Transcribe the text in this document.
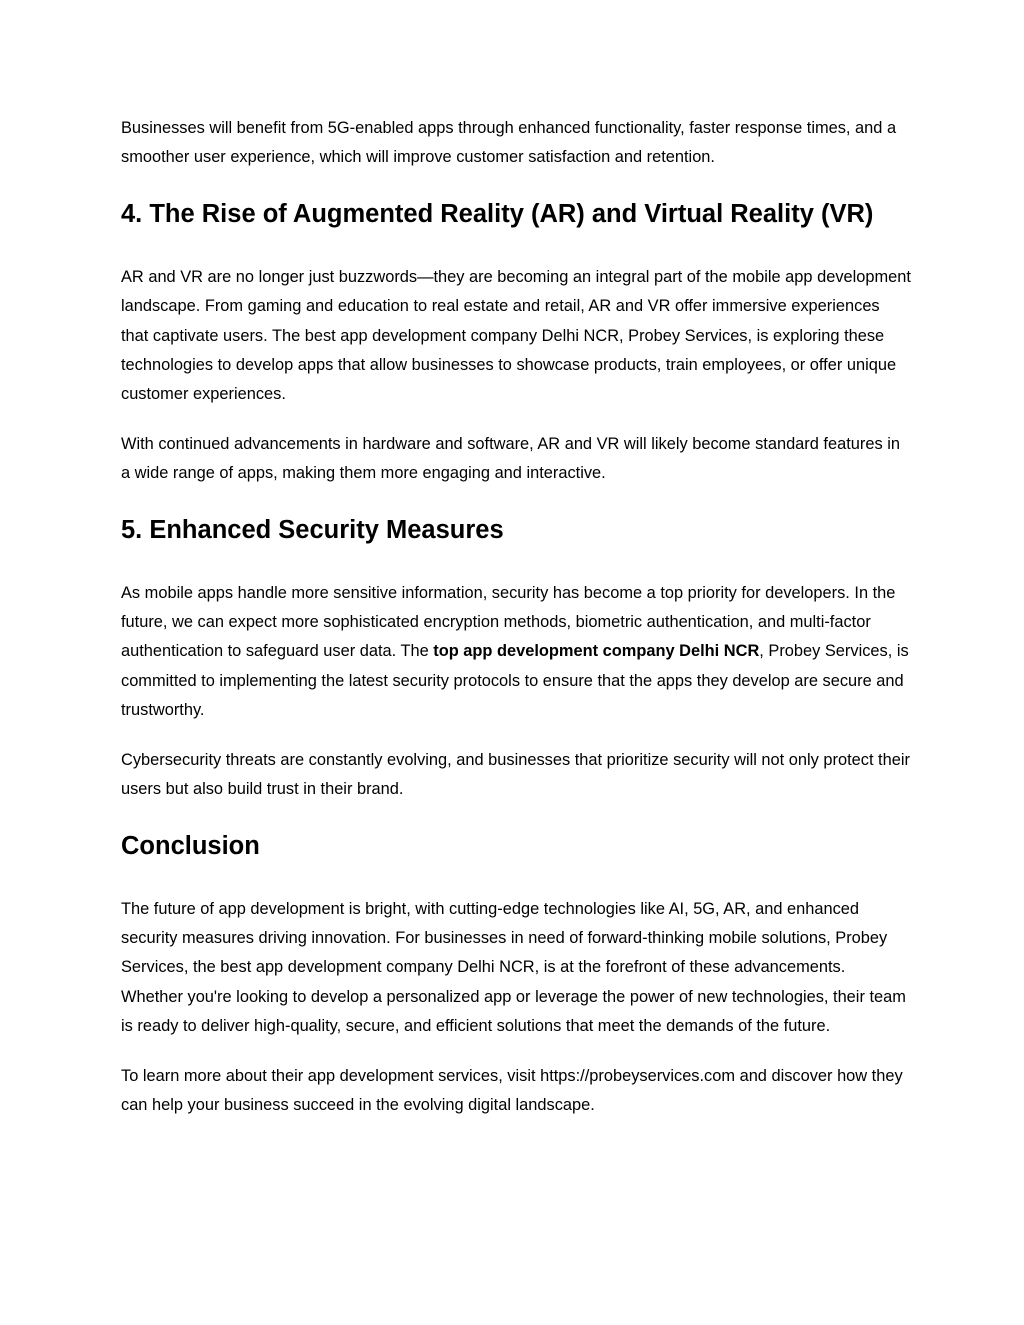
Businesses will benefit from 5G-enabled apps through enhanced functionality, faster response times, and a smoother user experience, which will improve customer satisfaction and retention.

4. The Rise of Augmented Reality (AR) and Virtual Reality (VR)

AR and VR are no longer just buzzwords—they are becoming an integral part of the mobile app development landscape. From gaming and education to real estate and retail, AR and VR offer immersive experiences that captivate users. The best app development company Delhi NCR, Probey Services, is exploring these technologies to develop apps that allow businesses to showcase products, train employees, or offer unique customer experiences.

With continued advancements in hardware and software, AR and VR will likely become standard features in a wide range of apps, making them more engaging and interactive.

5. Enhanced Security Measures

As mobile apps handle more sensitive information, security has become a top priority for developers. In the future, we can expect more sophisticated encryption methods, biometric authentication, and multi-factor authentication to safeguard user data. The top app development company Delhi NCR, Probey Services, is committed to implementing the latest security protocols to ensure that the apps they develop are secure and trustworthy.

Cybersecurity threats are constantly evolving, and businesses that prioritize security will not only protect their users but also build trust in their brand.

Conclusion

The future of app development is bright, with cutting-edge technologies like AI, 5G, AR, and enhanced security measures driving innovation. For businesses in need of forward-thinking mobile solutions, Probey Services, the best app development company Delhi NCR, is at the forefront of these advancements. Whether you're looking to develop a personalized app or leverage the power of new technologies, their team is ready to deliver high-quality, secure, and efficient solutions that meet the demands of the future.

To learn more about their app development services, visit https://probeyservices.com and discover how they can help your business succeed in the evolving digital landscape.
